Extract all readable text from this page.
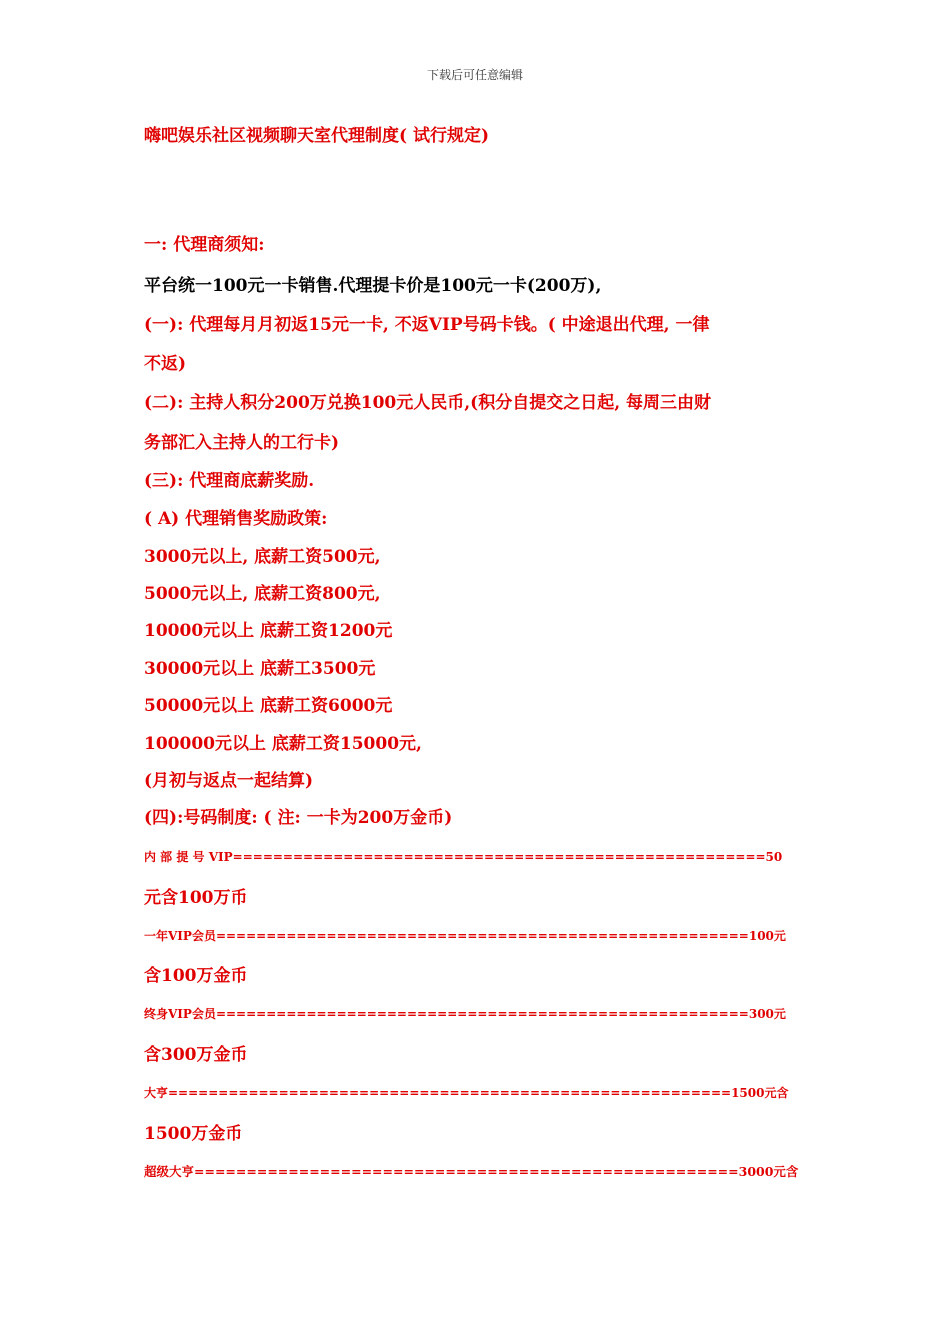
下载后可任意编辑
嗨吧娱乐社区视频聊天室代理制度( 试行规定)
一: 代理商须知:
平台统一100元一卡销售.代理提卡价是100元一卡(200万),
(一): 代理每月月初返15元一卡, 不返VIP号码卡钱。( 中途退出代理, 一律
不返)
(二): 主持人积分200万兑换100元人民币,(积分自提交之日起, 每周三由财
务部汇入主持人的工行卡)
(三): 代理商底薪奖励.
( A) 代理销售奖励政策:
3000元以上, 底薪工资500元,
5000元以上, 底薪工资800元,
10000元以上 底薪工资1200元
30000元以上 底薪工3500元
50000元以上 底薪工资6000元
100000元以上 底薪工资15000元,
(月初与返点一起结算)
(四):号码制度: ( 注: 一卡为200万金币)
内 部 提 号 VIP=====================================================50
元含100万币
一年VIP会员=====================================================100元
含100万金币
终身VIP会员=====================================================300元
含300万金币
大亨========================================================1500元含
1500万金币
超级大亨====================================================3000元含
